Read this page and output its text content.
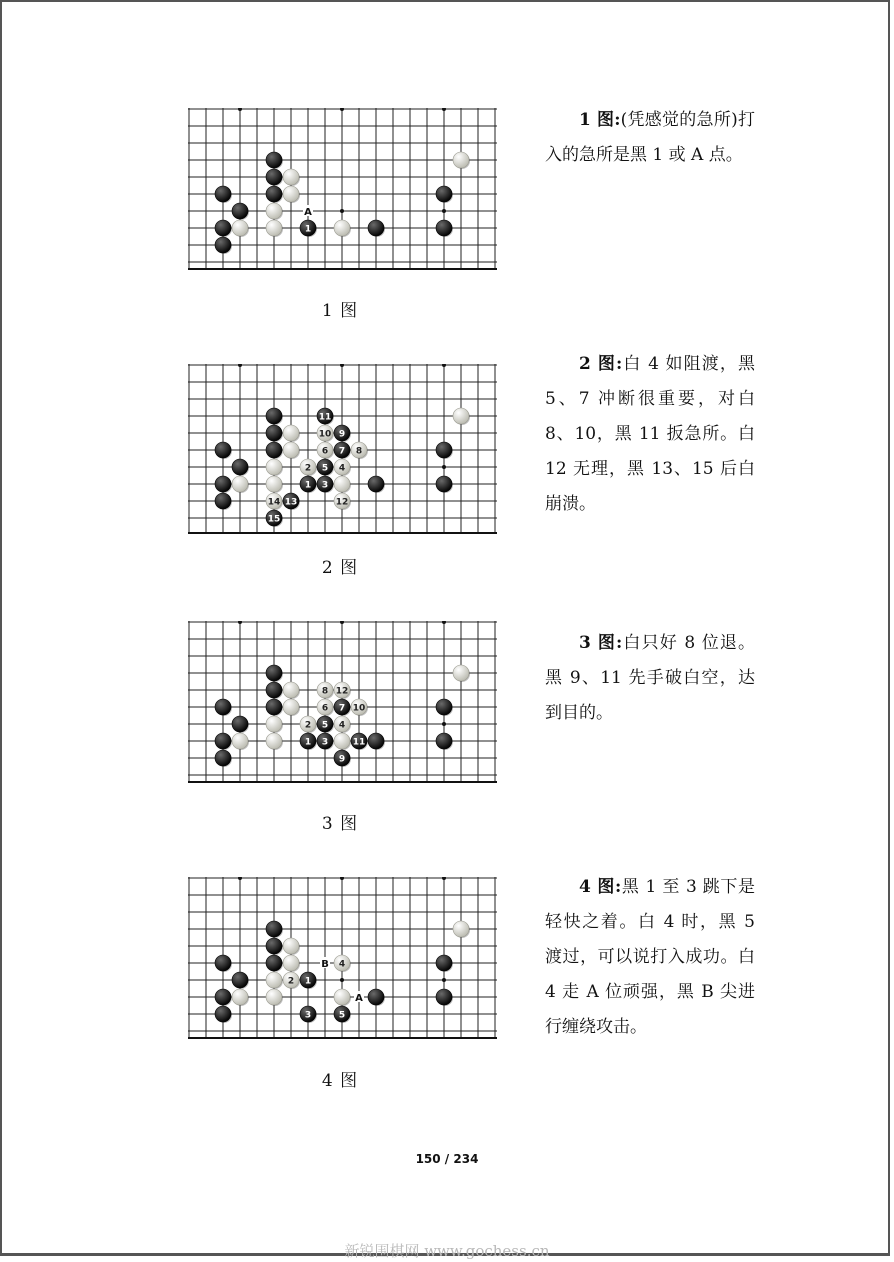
A
1
1 图

1 图:(凭感觉的急所)打入的急所是黑 1 或 A 点。

11
10 9
6 7 8
2 5 4
1 3
14 13	12
15
2 图

2 图:白 4 如阻渡，黑 5、7 冲断很重要，对白 8、10，黑 11 扳急所。白 12 无理，黑 13、15 后白崩溃。

8 12
6 7 10
2 5 4
1 3	11
9
3 图

3 图:白只好 8 位退。黑 9、11 先手破白空，达到目的。

B
A
4
2 1
3	5
4 图

4 图:黑 1 至 3 跳下是轻快之着。白 4 时，黑 5 渡过，可以说打入成功。白 4 走 A 位顽强，黑 B 尖进行缠绕攻击。

150 / 234
新锐围棋网 www.gochess.cn
